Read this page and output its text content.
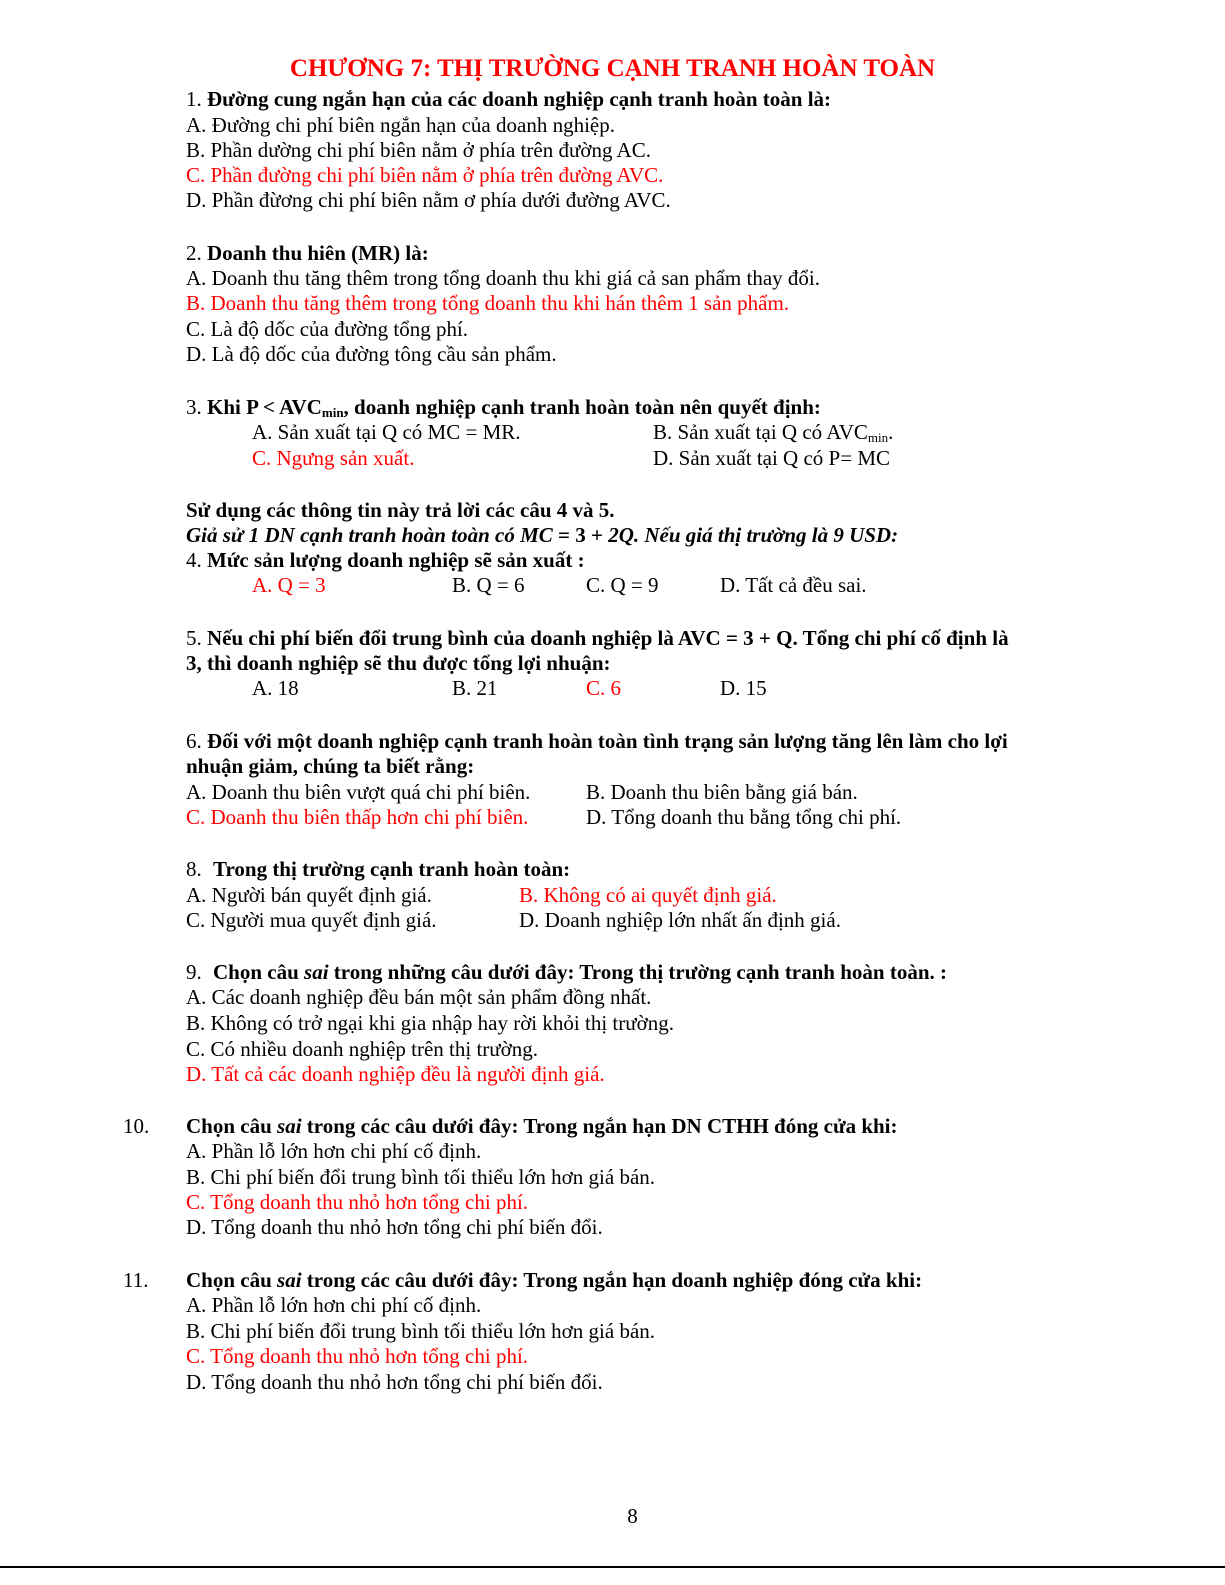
CHƯƠNG 7: THỊ TRƯỜNG CẠNH TRANH HOÀN TOÀN
1. Đường cung ngắn hạn của các doanh nghiệp cạnh tranh hoàn toàn là:
A. Đường chi phí biên ngắn hạn của doanh nghiệp.
B. Phần dường chi phí biên nằm ở phía trên đường AC.
C. Phần đường chi phí biên nằm ở phía trên đường AVC.
D. Phần đừơng chi phí biên nằm ơ phía dưới đường AVC.
2. Doanh thu hiên (MR) là:
A. Doanh thu tăng thêm trong tổng doanh thu khi giá cả san phẩm thay đổi.
B. Doanh thu tăng thêm trong tổng doanh thu khi hán thêm 1 sản phẩm.
C. Là độ dốc của đường tổng phí.
D. Là độ dốc của đường tông cầu sản phẩm.
3. Khi $P < AVC_{min}$, doanh nghiệp cạnh tranh hoàn toàn nên quyết định:
A. Sản xuất tại Q có MC = MR.	B. Sản xuất tại Q có $AVC_{min}$.
C. Ngưng sản xuất.	D. Sản xuất tại Q có P= MC
Sử dụng các thông tin này trả lời các câu 4 và 5.
Giả sử 1 DN cạnh tranh hoàn toàn có MC = 3 + 2Q. Nếu giá thị trường là 9 USD:
4. Mức sản lượng doanh nghiệp sẽ sản xuất :
A. Q = 3	B. Q = 6	C. Q = 9	D. Tất cả đều sai.
5. Nếu chi phí biến đổi trung bình của doanh nghiệp là AVC = 3 + Q. Tổng chi phí cố định là
3, thì doanh nghiệp sẽ thu được tổng lợi nhuận:
A. 18	B. 21	C. 6	D. 15
6. Đối với một doanh nghiệp cạnh tranh hoàn toàn tình trạng sản lượng tăng lên làm cho lợi
nhuận giảm, chúng ta biết rằng:
A. Doanh thu biên vượt quá chi phí biên.	B. Doanh thu biên bằng giá bán.
C. Doanh thu biên thấp hơn chi phí biên.	D. Tổng doanh thu bằng tổng chi phí.
8. Trong thị trường cạnh tranh hoàn toàn:
A. Người bán quyết định giá.	B. Không có ai quyết định giá.
C. Người mua quyết định giá.	D. Doanh nghiệp lớn nhất ấn định giá.
9. Chọn câu sai trong những câu dưới đây: Trong thị trường cạnh tranh hoàn toàn. :
A. Các doanh nghiệp đều bán một sản phẩm đồng nhất.
B. Không có trở ngại khi gia nhập hay rời khỏi thị trường.
C. Có nhiều doanh nghiệp trên thị trường.
D. Tất cả các doanh nghiệp đều là người định giá.
10. Chọn câu sai trong các câu dưới đây: Trong ngắn hạn DN CTHH đóng cửa khi:
A. Phần lỗ lớn hơn chi phí cố định.
B. Chi phí biến đổi trung bình tối thiểu lớn hơn giá bán.
C. Tổng doanh thu nhỏ hơn tổng chi phí.
D. Tổng doanh thu nhỏ hơn tổng chi phí biến đổi.
11. Chọn câu sai trong các câu dưới đây: Trong ngắn hạn doanh nghiệp đóng cửa khi:
A. Phần lỗ lớn hơn chi phí cố định.
B. Chi phí biến đổi trung bình tối thiểu lớn hơn giá bán.
C. Tổng doanh thu nhỏ hơn tổng chi phí.
D. Tổng doanh thu nhỏ hơn tổng chi phí biến đổi.
8
